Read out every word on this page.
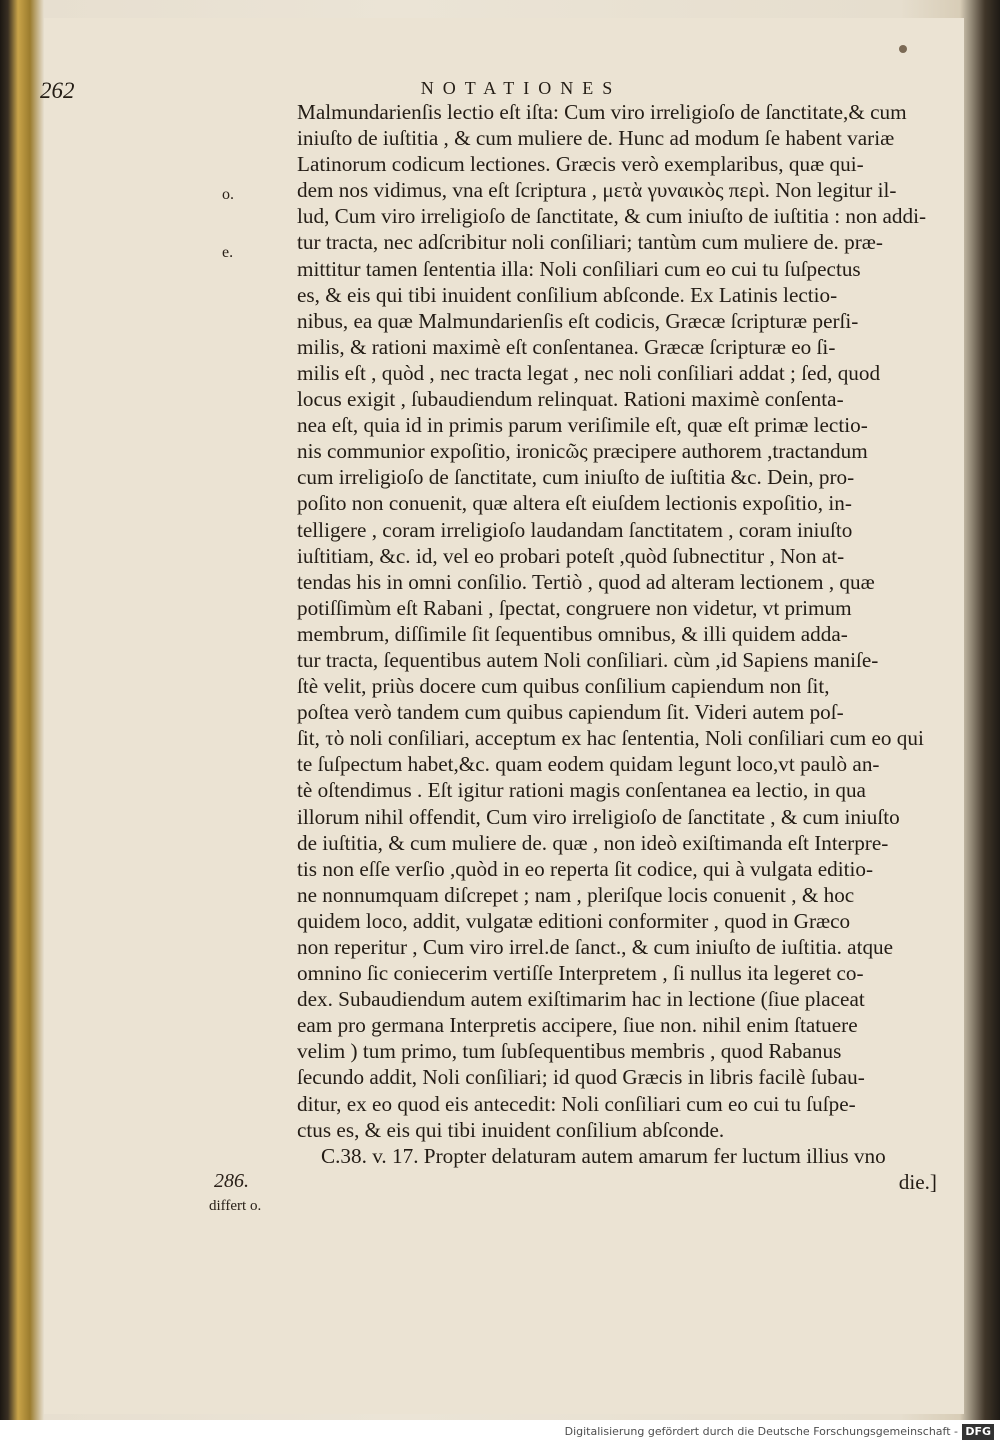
262	NOTATIONES
o.
e.
286.
differt o.
Malmundarienſis lectio eſt iſta: Cum viro irreligioſo de ſanctitate,& cum
iniuſto de iuſtitia , & cum muliere de. Hunc ad modum ſe habent variæ
Latinorum codicum lectiones. Græcis verò exemplaribus, quæ qui-
dem nos vidimus, vna eſt ſcriptura , μετὰ γυναικὸς περὶ. Non legitur il-
lud, Cum viro irreligioſo de ſanctitate, & cum iniuſto de iuſtitia : non addi-
tur tracta, nec adſcribitur noli conſiliari; tantùm cum muliere de. præ-
mittitur tamen ſententia illa: Noli conſiliari cum eo cui tu ſuſpectus
es, & eis qui tibi inuident conſilium abſconde. Ex Latinis lectio-
nibus, ea quæ Malmundarienſis eſt codicis, Græcæ ſcripturæ perſi-
milis, & rationi maximè eſt conſentanea. Græcæ ſcripturæ eo ſi-
milis eſt , quòd , nec tracta legat , nec noli conſiliari addat ; ſed, quod
locus exigit , ſubaudiendum relinquat. Rationi maximè conſenta-
nea eſt, quia id in primis parum veriſimile eſt, quæ eſt primæ lectio-
nis communior expoſitio, ironicῶς præcipere authorem ,tractandum
cum irreligioſo de ſanctitate, cum iniuſto de iuſtitia &c. Dein, pro-
poſito non conuenit, quæ altera eſt eiuſdem lectionis expoſitio, in-
telligere , coram irreligioſo laudandam ſanctitatem , coram iniuſto
iuſtitiam, &c. id, vel eo probari poteſt ,quòd ſubnectitur , Non at-
tendas his in omni conſilio. Tertiò , quod ad alteram lectionem , quæ
potiſſimùm eſt Rabani , ſpectat, congruere non videtur, vt primum
membrum, diſſimile ſit ſequentibus omnibus, & illi quidem adda-
tur tracta, ſequentibus autem Noli conſiliari. cùm ,id Sapiens maniſe-
ſtè velit, priùs docere cum quibus conſilium capiendum non ſit,
poſtea verò tandem cum quibus capiendum ſit. Videri autem poſ-
ſit, τὸ noli conſiliari, acceptum ex hac ſententia, Noli conſiliari cum eo qui
te ſuſpectum habet,&c. quam eodem quidam legunt loco,vt paulò an-
tè oſtendimus . Eſt igitur rationi magis conſentanea ea lectio, in qua
illorum nihil offendit, Cum viro irreligioſo de ſanctitate , & cum iniuſto
de iuſtitia, & cum muliere de. quæ , non ideò exiſtimanda eſt Interpre-
tis non eſſe verſio ,quòd in eo reperta ſit codice, qui à vulgata editio-
ne nonnumquam diſcrepet ; nam , pleriſque locis conuenit , & hoc
quidem loco, addit, vulgatæ editioni conformiter , quod in Græco
non reperitur , Cum viro irrel.de ſanct., & cum iniuſto de iuſtitia. atque
omnino ſic coniecerim vertiſſe Interpretem , ſi nullus ita legeret co-
dex. Subaudiendum autem exiſtimarim hac in lectione (ſiue placeat
eam pro germana Interpretis accipere, ſiue non. nihil enim ſtatuere
velim ) tum primo, tum ſubſequentibus membris , quod Rabanus
ſecundo addit, Noli conſiliari; id quod Græcis in libris facilè ſubau-
ditur, ex eo quod eis antecedit: Noli conſiliari cum eo cui tu ſuſpe-
ctus es, & eis qui tibi inuident conſilium abſconde.
C.38. v. 17. Propter delaturam autem amarum fer luctum illius vno
die.]
Digitalisierung gefördert durch die Deutsche Forschungsgemeinschaft - DFG
